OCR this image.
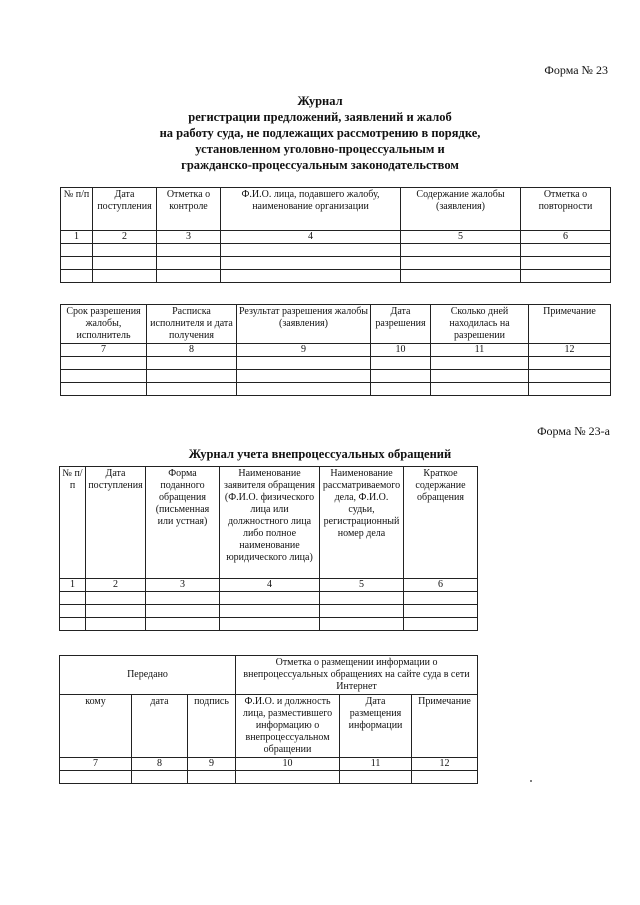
Форма № 23
Журнал
регистрации предложений, заявлений и жалоб
на работу суда, не подлежащих рассмотрению в порядке,
установленном уголовно-процессуальным и
гражданско-процессуальным законодательством
№ п/п	Дата поступления	Отметка о контроле	Ф.И.О. лица, подавшего жалобу, наименование организации	Содержание жалобы (заявления)	Отметка о повторности
1	2	3	4	5	6

Срок разрешения жалобы, исполнитель	Расписка исполнителя и дата получения	Результат разрешения жалобы (заявления)	Дата разрешения	Сколько дней находилась на разрешении	Примечание
7	8	9	10	11	12

Форма № 23-а
Журнал учета внепроцессуальных обращений
№ п/п	Дата поступления	Форма поданного обращения (письменная или устная)	Наименование заявителя обращения (Ф.И.О. физического лица или должностного лица либо полное наименование юридического лица)	Наименование рассматриваемого дела, Ф.И.О. судьи, регистрационный номер дела	Краткое содержание обращения
1	2	3	4	5	6

Передано			Отметка о размещении информации о внепроцессуальных обращениях на сайте суда в сети Интернет		
кому	дата	подпись	Ф.И.О. и должность лица, разместившего информацию о внепроцессуальном обращении	Дата размещения информации	Примечание
7	8	9	10	11	12
